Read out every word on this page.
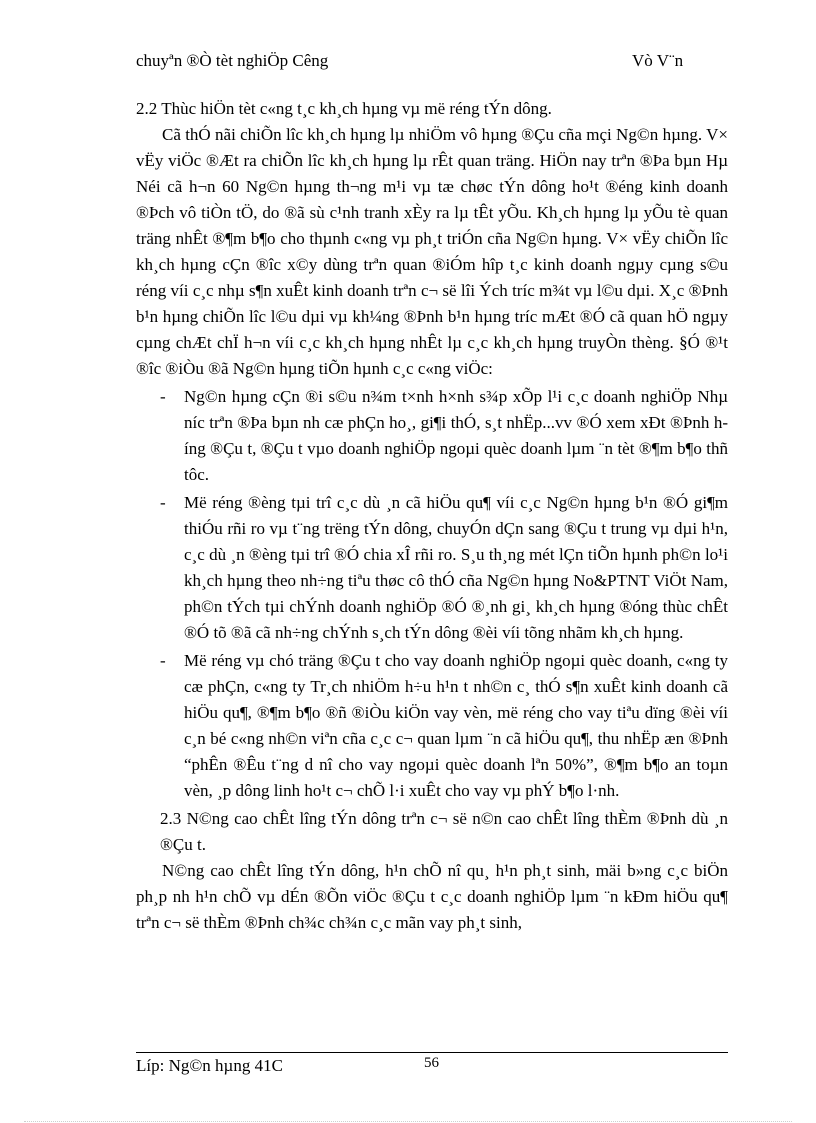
chuyªn ®Ò tèt nghiÖp Cêng	Vò V¨n

2.2 Thùc hiÖn tèt c«ng t¸c kh¸ch hµng vµ më réng tÝn dông.

Cã thÓ nãi chiÕn lîc kh¸ch hµng lµ nhiÖm vô hµng ®Çu cña mçi Ng©n hµng. V× vËy viÖc ®Æt ra chiÕn lîc kh¸ch hµng lµ rÊt quan träng. HiÖn nay trªn ®Þa bµn Hµ Néi cã h¬n 60 Ng©n hµng th¬ng m¹i vµ tæ chøc tÝn dông ho¹t ®éng kinh doanh ®Þch vô tiÒn tÖ, do ®ã sù c¹nh tranh xÈy ra lµ tÊt yÕu. Kh¸ch hµng lµ yÕu tè quan träng nhÊt ®¶m b¶o cho thµnh c«ng vµ ph¸t triÓn cña Ng©n hµng. V× vËy chiÕn lîc kh¸ch hµng cÇn ®îc x©y dùng trªn quan ®iÓm hîp t¸c kinh doanh ngµy cµng s©u réng víi c¸c nhµ s¶n xuÊt kinh doanh trªn c¬ së lîi Ých tríc m¾t vµ l©u dµi. X¸c ®Þnh b¹n hµng chiÕn lîc l©u dµi vµ kh¼ng ®Þnh b¹n hµng tríc mÆt ®Ó cã quan hÖ ngµy cµng chÆt chÏ h¬n víi c¸c kh¸ch hµng nhÊt lµ c¸c kh¸ch hµng truyÒn thèng. §Ó ®¹t ®îc ®iÒu ®ã Ng©n hµng tiÕn hµnh c¸c c«ng viÖc:

- Ng©n hµng cÇn ®i s©u n¾m t×nh h×nh s¾p xÕp l¹i c¸c doanh nghiÖp Nhµ níc trªn ®Þa bµn nh cæ phÇn ho¸, gi¶i thÓ, s¸t nhËp...vv ®Ó xem xÐt ®Þnh híng ®Çu t, ®Çu t vµo doanh nghiÖp ngoµi quèc doanh lµm ¨n tèt ®¶m b¶o thñ tôc.
- Më réng ®èng tµi trî c¸c dù ¸n cã hiÖu qu¶ víi c¸c Ng©n hµng b¹n ®Ó gi¶m thiÓu rñi ro vµ t¨ng trëng tÝn dông, chuyÓn dÇn sang ®Çu t trung vµ dµi h¹n, c¸c dù ¸n ®èng tµi trî ®Ó chia xÎ rñi ro. S¸u th¸ng mét lÇn tiÕn hµnh ph©n lo¹i kh¸ch hµng theo nh÷ng tiªu thøc cô thÓ cña Ng©n hµng No&PTNT ViÖt Nam, ph©n tÝch tµi chÝnh doanh nghiÖp ®Ó ®¸nh gi¸ kh¸ch hµng ®óng thùc chÊt ®Ó tõ ®ã cã nh÷ng chÝnh s¸ch tÝn dông ®èi víi tõng nhãm kh¸ch hµng.
- Më réng vµ chó träng ®Çu t cho vay doanh nghiÖp ngoµi quèc doanh, c«ng ty cæ phÇn, c«ng ty Tr¸ch nhiÖm h÷u h¹n t nh©n c¸ thÓ s¶n xuÊt kinh doanh cã hiÖu qu¶, ®¶m b¶o ®ñ ®iÒu kiÖn vay vèn, më réng cho vay tiªu dïng ®èi víi c¸n bé c«ng nh©n viªn cña c¸c c¬ quan lµm ¨n cã hiÖu qu¶, thu nhËp æn ®Þnh “phÊn ®Êu t¨ng d nî cho vay ngoµi quèc doanh lªn 50%”, ®¶m b¶o an toµn vèn, ¸p dông linh ho¹t c¬ chÕ l·i xuÊt cho vay vµ phÝ b¶o l·nh.

2.3 N©ng cao chÊt lîng tÝn dông trªn c¬ së n©n cao chÊt lîng thÈm ®Þnh dù ¸n ®Çu t.

N©ng cao chÊt lîng tÝn dông, h¹n chÕ nî qu¸ h¹n ph¸t sinh, mäi b»ng c¸c biÖn ph¸p nh h¹n chÕ vµ dÉn ®Õn viÖc ®Çu t c¸c doanh nghiÖp lµm ¨n kÐm hiÖu qu¶ trªn c¬ së thÈm ®Þnh ch¾c ch¾n c¸c mãn vay ph¸t sinh,

Líp: Ng©n hµng 41C	56
